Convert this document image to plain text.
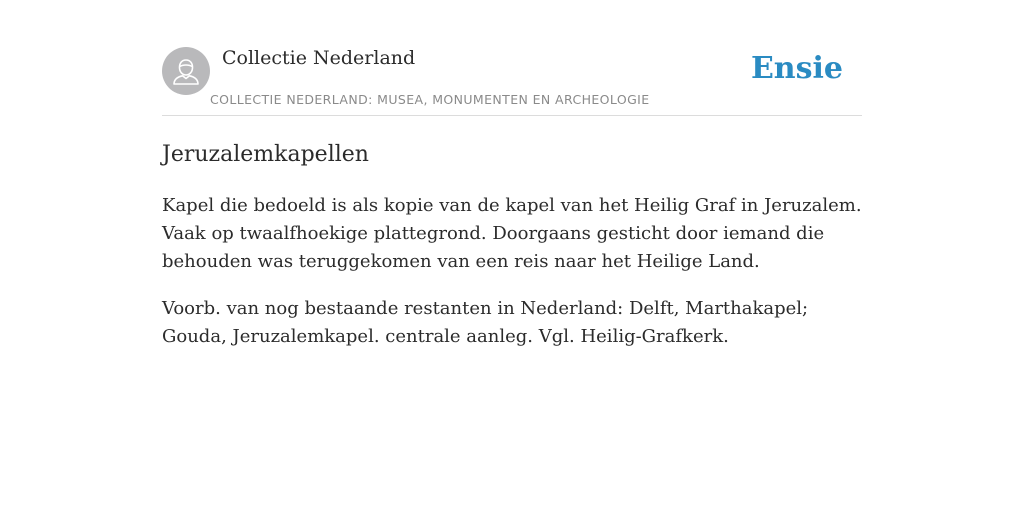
Collectie Nederland
COLLECTIE NEDERLAND: MUSEA, MONUMENTEN EN ARCHEOLOGIE
Ensie
Jeruzalemkapellen

Kapel die bedoeld is als kopie van de kapel van het Heilig Graf in Jeruzalem. Vaak op twaalfhoekige plattegrond. Doorgaans gesticht door iemand die behouden was teruggekomen van een reis naar het Heilige Land.

Voorb. van nog bestaande restanten in Nederland: Delft, Marthakapel; Gouda, Jeruzalemkapel. centrale aanleg. Vgl. Heilig-Grafkerk.
